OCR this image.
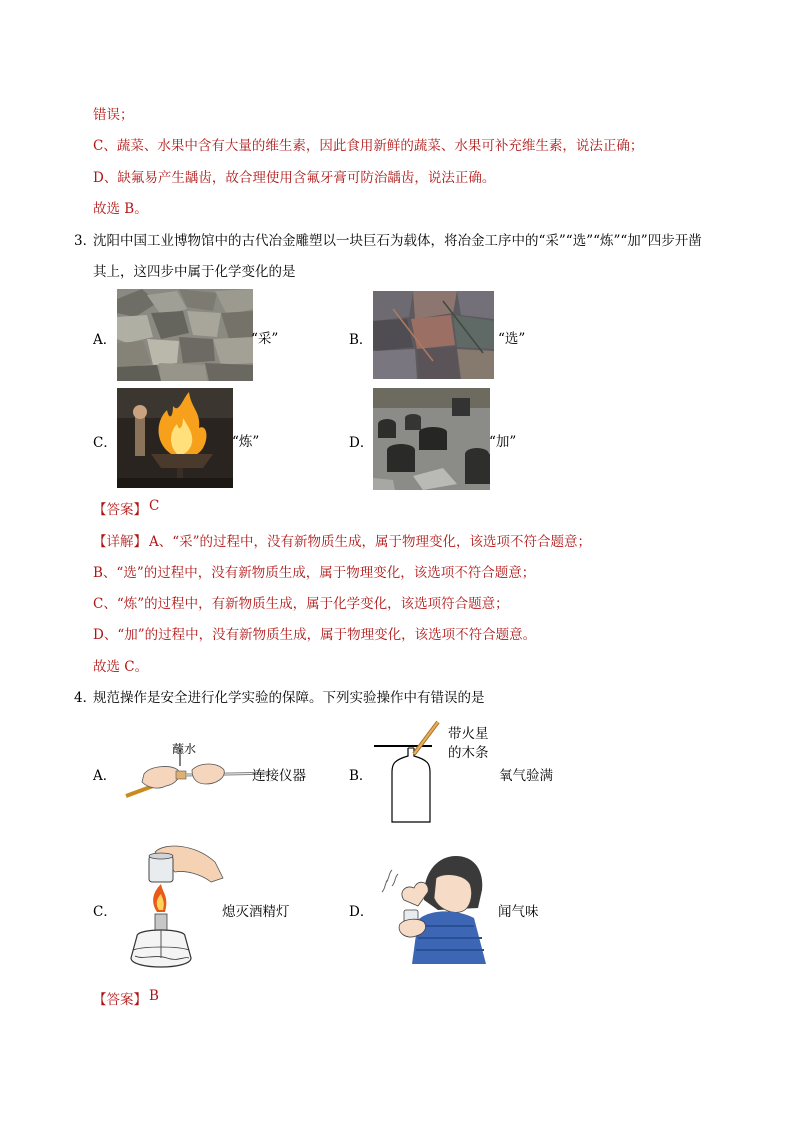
错误；
C、蔬菜、水果中含有大量的维生素，因此食用新鲜的蔬菜、水果可补充维生素，说法正确；
D、缺氟易产生龋齿，故合理使用含氟牙膏可防治龋齿，说法正确。
故选 B。
3．
沈阳中国工业博物馆中的古代冶金雕塑以一块巨石为载体，将冶金工序中的“采”“选”“炼”“加”四步开凿
其上，这四步中属于化学变化的是
A．	“采”	B．	“选”
C．	“炼”	D．	“加”
【答案】 C
【详解】 A、“采”的过程中，没有新物质生成，属于物理变化，该选项不符合题意；
B、“选”的过程中，没有新物质生成，属于物理变化，该选项不符合题意；
C、“炼”的过程中，有新物质生成，属于化学变化，该选项符合题意；
D、“加”的过程中，没有新物质生成，属于物理变化，该选项不符合题意。
故选 C。
4．
规范操作是安全进行化学实验的保障。下列实验操作中有错误的是
A．
蘸水
连接仪器	B．
带火星
的木条
氧气验满
C．	熄灭酒精灯	D．	闻气味
【答案】 B
